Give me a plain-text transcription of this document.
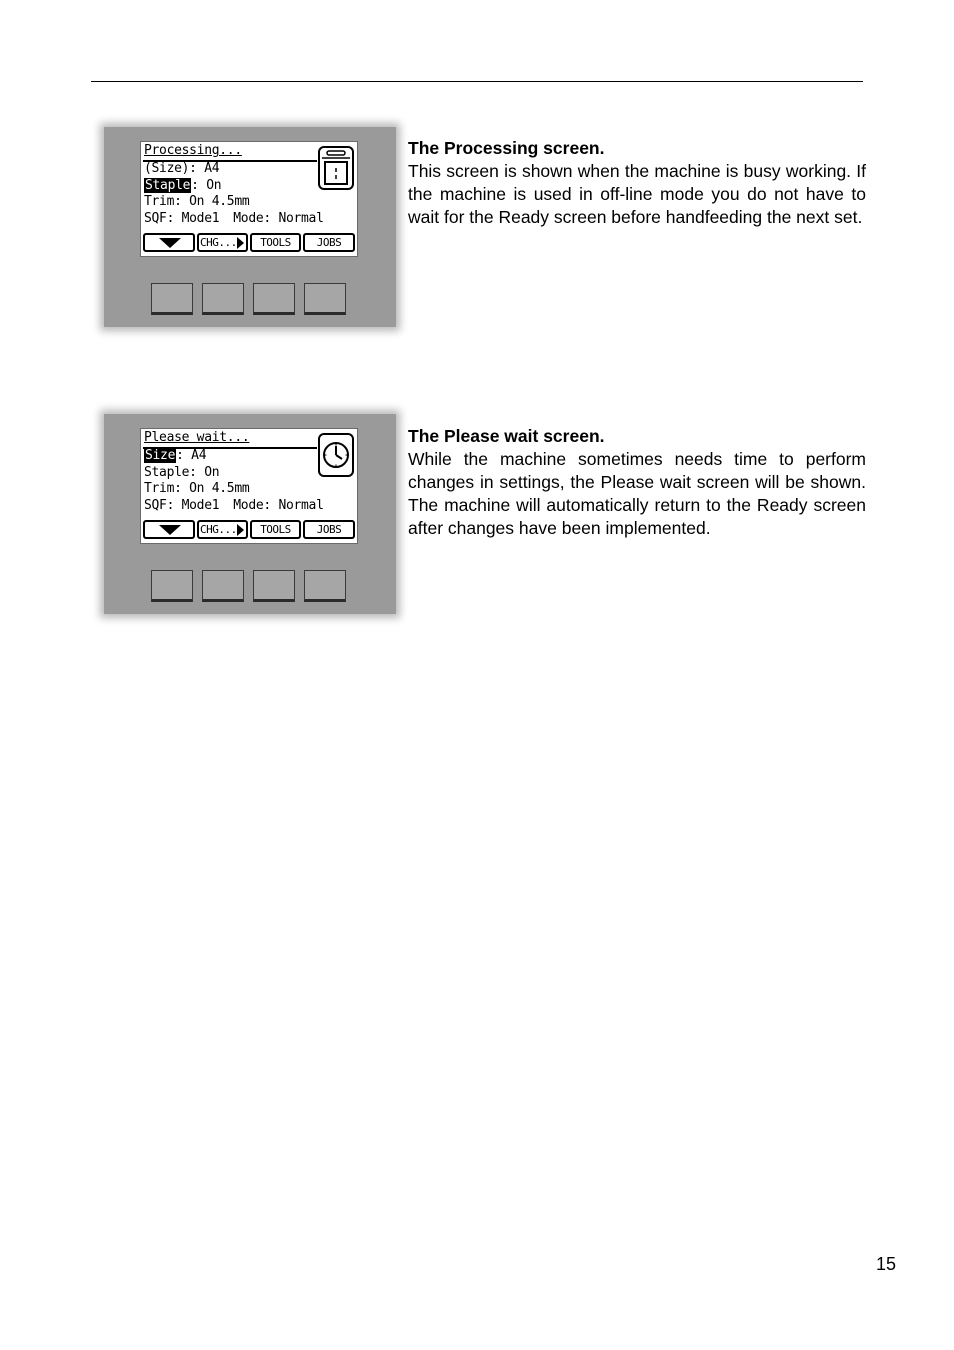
Processing...
(Size): A4
Staple: On
Trim: On 4.5mm
SQF: Mode1 Mode: Normal
CHG...	TOOLS	JOBS
The Processing screen.

This screen is shown when the machine is busy working. If the machine is used in off-line mode you do not have to wait for the Ready screen before handfeeding the next set.

Please wait...
Size: A4
Staple: On
Trim: On 4.5mm
SQF: Mode1 Mode: Normal
CHG...	TOOLS	JOBS
The Please wait screen.

While the machine sometimes needs time to perform changes in settings, the Please wait screen will be shown. The machine will automatically return to the Ready screen after changes have been implemented.

15
